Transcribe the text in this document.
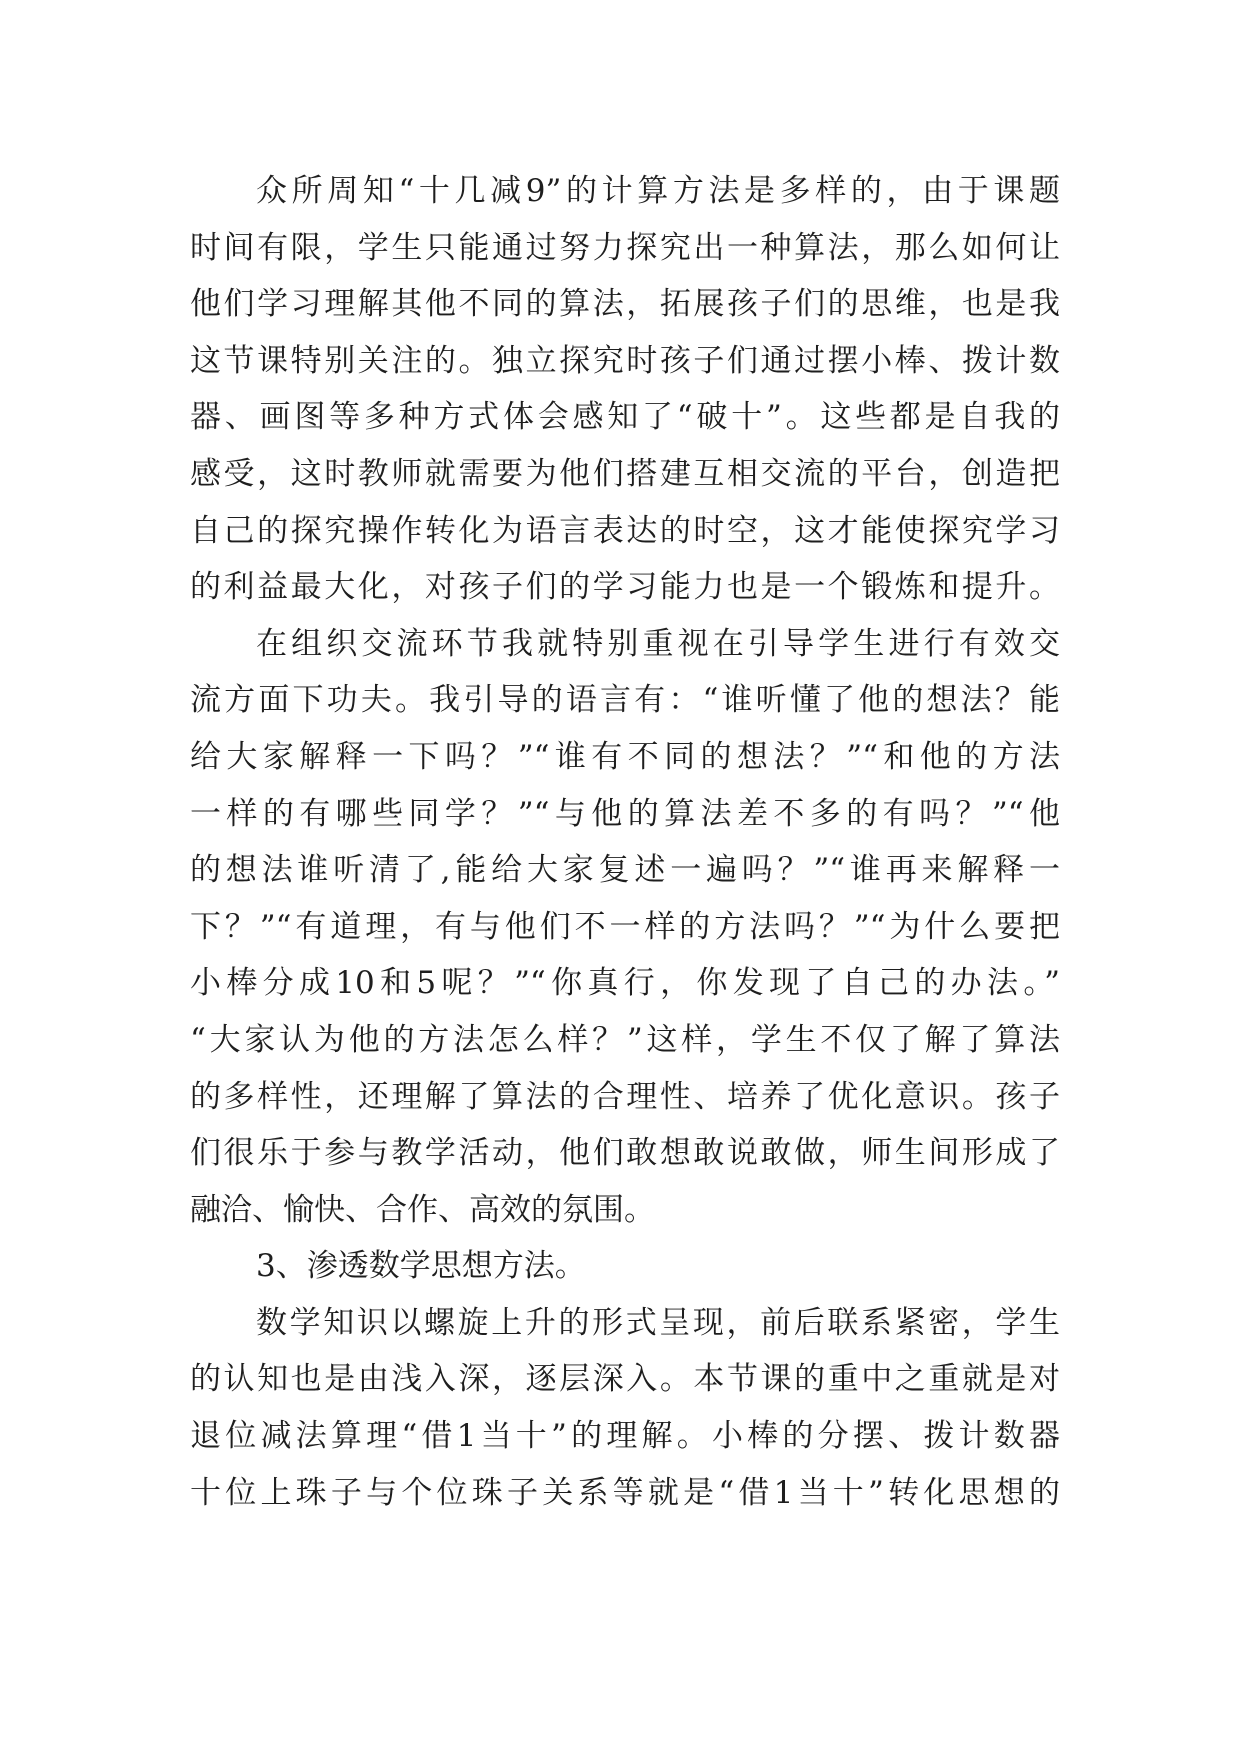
众所周知“十几减9”的计算方法是多样的，由于课题
时间有限，学生只能通过努力探究出一种算法，那么如何让
他们学习理解其他不同的算法，拓展孩子们的思维，也是我
这节课特别关注的。独立探究时孩子们通过摆小棒、拨计数
器、画图等多种方式体会感知了“破十”。这些都是自我的
感受，这时教师就需要为他们搭建互相交流的平台，创造把
自己的探究操作转化为语言表达的时空，这才能使探究学习
的利益最大化，对孩子们的学习能力也是一个锻炼和提升。
在组织交流环节我就特别重视在引导学生进行有效交
流方面下功夫。我引导的语言有：“谁听懂了他的想法？能
给大家解释一下吗？”“谁有不同的想法？”“和他的方法
一样的有哪些同学？”“与他的算法差不多的有吗？”“他
的想法谁听清了,能给大家复述一遍吗？”“谁再来解释一
下？”“有道理，有与他们不一样的方法吗？”“为什么要把
小棒分成10和5呢？”“你真行，你发现了自己的办法。”
“大家认为他的方法怎么样？”这样，学生不仅了解了算法
的多样性，还理解了算法的合理性、培养了优化意识。孩子
们很乐于参与教学活动，他们敢想敢说敢做，师生间形成了
融洽、愉快、合作、高效的氛围。
3、渗透数学思想方法。
数学知识以螺旋上升的形式呈现，前后联系紧密，学生
的认知也是由浅入深，逐层深入。本节课的重中之重就是对
退位减法算理“借1当十”的理解。小棒的分摆、拨计数器
十位上珠子与个位珠子关系等就是“借1当十”转化思想的
